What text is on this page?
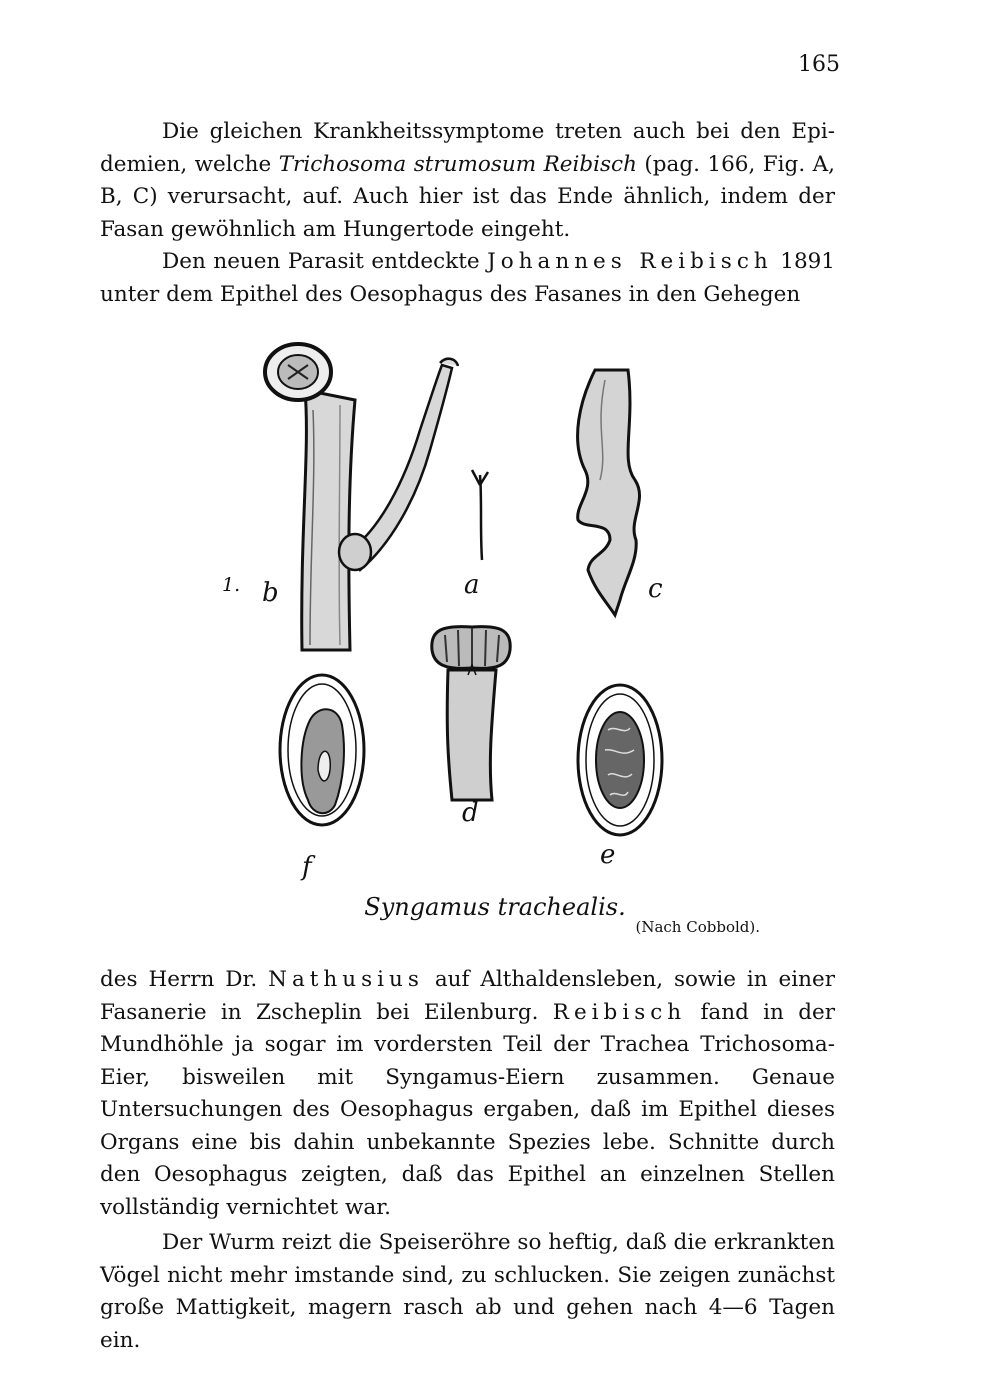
165

Die gleichen Krankheitssymptome treten auch bei den Epi-demien, welche Trichosoma strumosum Reibisch (pag. 166, Fig. A, B, C) verursacht, auf. Auch hier ist das Ende ähnlich, indem der Fasan gewöhnlich am Hungertode eingeht.

Den neuen Parasit entdeckte Johannes Reibisch 1891 unter dem Epithel des Oesophagus des Fasanes in den Gehegen

1. b	a	c
d
e
f
Syngamus trachealis.
(Nach Cobbold).

des Herrn Dr. Nathusius auf Althaldensleben, sowie in einer Fasanerie in Zscheplin bei Eilenburg. Reibisch fand in der Mundhöhle ja sogar im vordersten Teil der Trachea Trichosoma-Eier, bisweilen mit Syngamus-Eiern zusammen. Genaue Untersuchungen des Oesophagus ergaben, daß im Epithel dieses Organs eine bis dahin unbekannte Spezies lebe. Schnitte durch den Oesophagus zeigten, daß das Epithel an einzelnen Stellen vollständig vernichtet war.

Der Wurm reizt die Speiseröhre so heftig, daß die erkrankten Vögel nicht mehr imstande sind, zu schlucken. Sie zeigen zunächst große Mattigkeit, magern rasch ab und gehen nach 4—6 Tagen ein.
